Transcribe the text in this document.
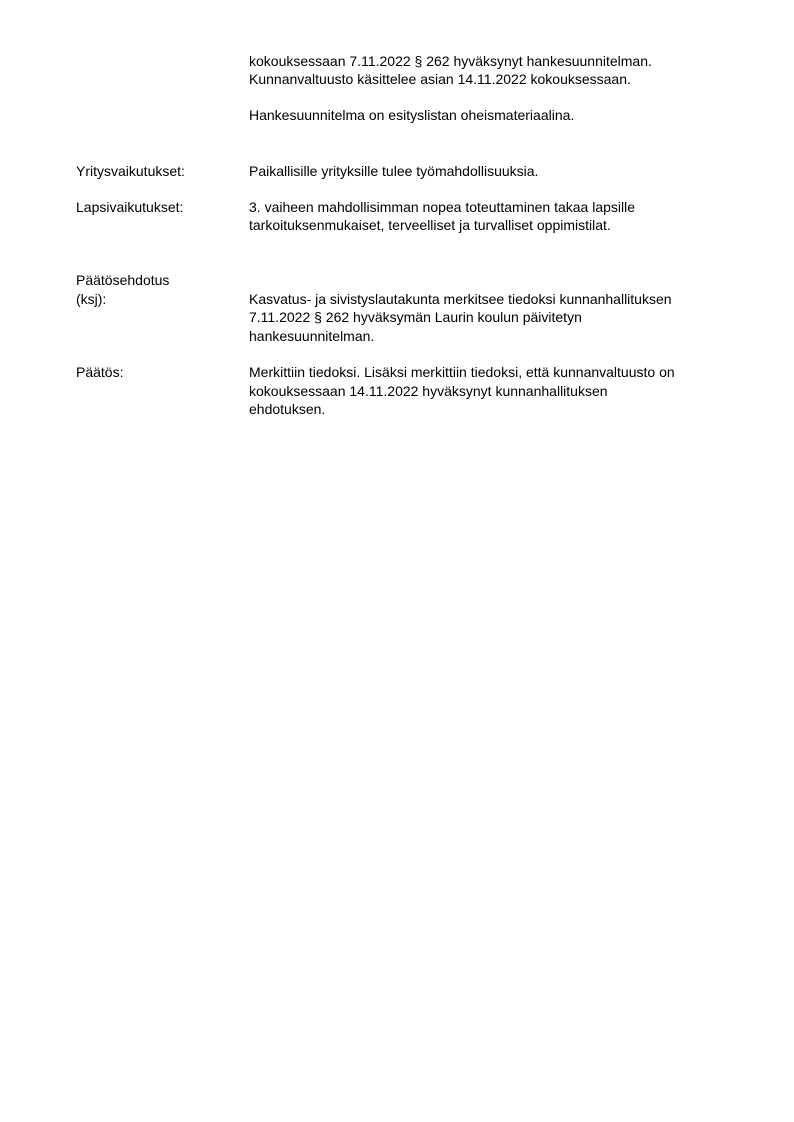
kokouksessaan 7.11.2022 § 262 hyväksynyt hankesuunnitelman.
Kunnanvaltuusto käsittelee asian 14.11.2022 kokouksessaan.
Hankesuunnitelma on esityslistan oheismateriaalina.
Yritysvaikutukset:	Paikallisille yrityksille tulee työmahdollisuuksia.
Lapsivaikutukset:	3. vaiheen mahdollisimman nopea toteuttaminen takaa lapsille
tarkoituksenmukaiset, terveelliset ja turvalliset oppimistilat.
Päätösehdotus
(ksj):	Kasvatus- ja sivistyslautakunta merkitsee tiedoksi kunnanhallituksen
7.11.2022 § 262 hyväksymän Laurin koulun päivitetyn
hankesuunnitelman.
Päätös:	Merkittiin tiedoksi. Lisäksi merkittiin tiedoksi, että kunnanvaltuusto on
kokouksessaan 14.11.2022 hyväksynyt kunnanhallituksen
ehdotuksen.
